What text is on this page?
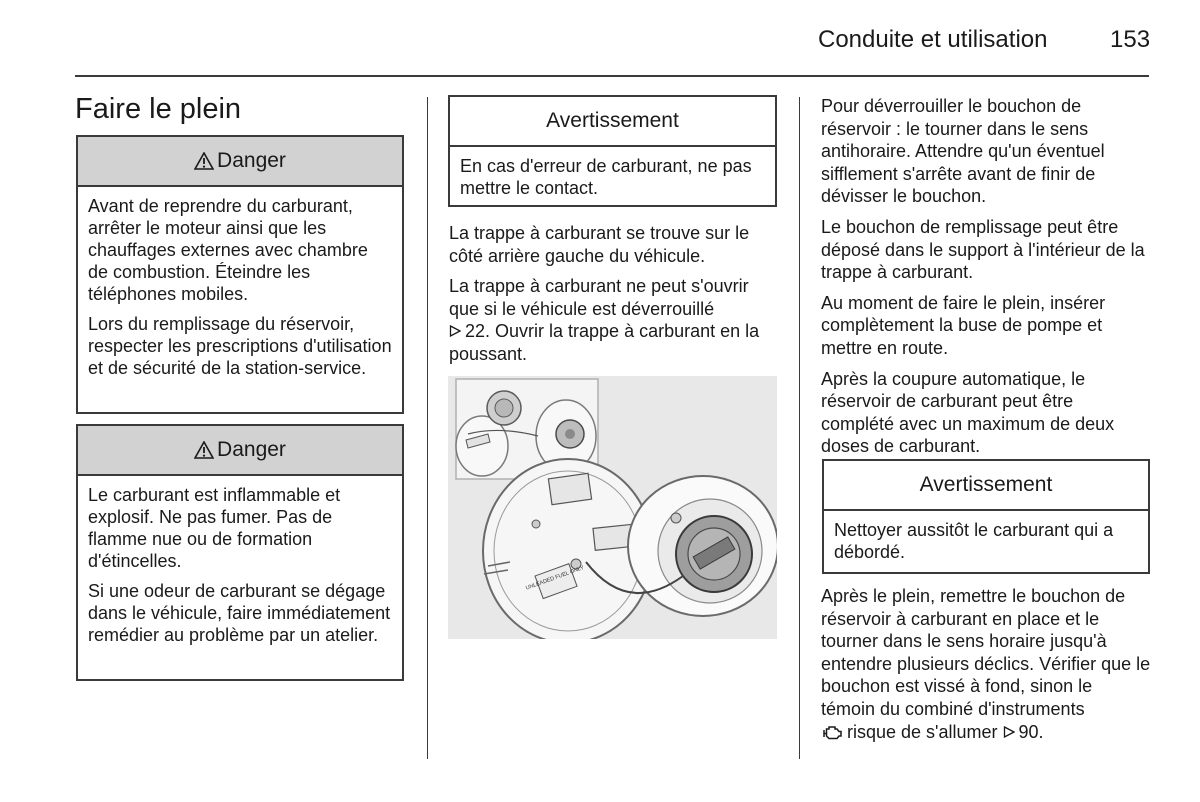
Conduite et utilisation	153
Faire le plein
Danger

Avant de reprendre du carburant, arrêter le moteur ainsi que les chauffages externes avec chambre de combustion. Éteindre les téléphones mobiles.

Lors du remplissage du réservoir, respecter les prescriptions d'utilisation et de sécurité de la station-service.

Danger

Le carburant est inflammable et explosif. Ne pas fumer. Pas de flamme nue ou de formation d'étincelles.

Si une odeur de carburant se dégage dans le véhicule, faire immédiatement remédier au problème par un atelier.

Avertissement
En cas d'erreur de carburant, ne pas mettre le contact.

La trappe à carburant se trouve sur le côté arrière gauche du véhicule.

La trappe à carburant ne peut s'ouvrir que si le véhicule est déverrouillé
22. Ouvrir la trappe à carburant en la poussant.

UNLEADED FUEL ONLY

Pour déverrouiller le bouchon de réservoir : le tourner dans le sens antihoraire. Attendre qu'un éventuel sifflement s'arrête avant de finir de dévisser le bouchon.

Le bouchon de remplissage peut être déposé dans le support à l'intérieur de la trappe à carburant.

Au moment de faire le plein, insérer complètement la buse de pompe et mettre en route.

Après la coupure automatique, le réservoir de carburant peut être complété avec un maximum de deux doses de carburant.

Avertissement
Nettoyer aussitôt le carburant qui a débordé.

Après le plein, remettre le bouchon de réservoir à carburant en place et le tourner dans le sens horaire jusqu'à entendre plusieurs déclics. Vérifier que le bouchon est vissé à fond, sinon le témoin du combiné d'instruments
risque de s'allumer 90.
